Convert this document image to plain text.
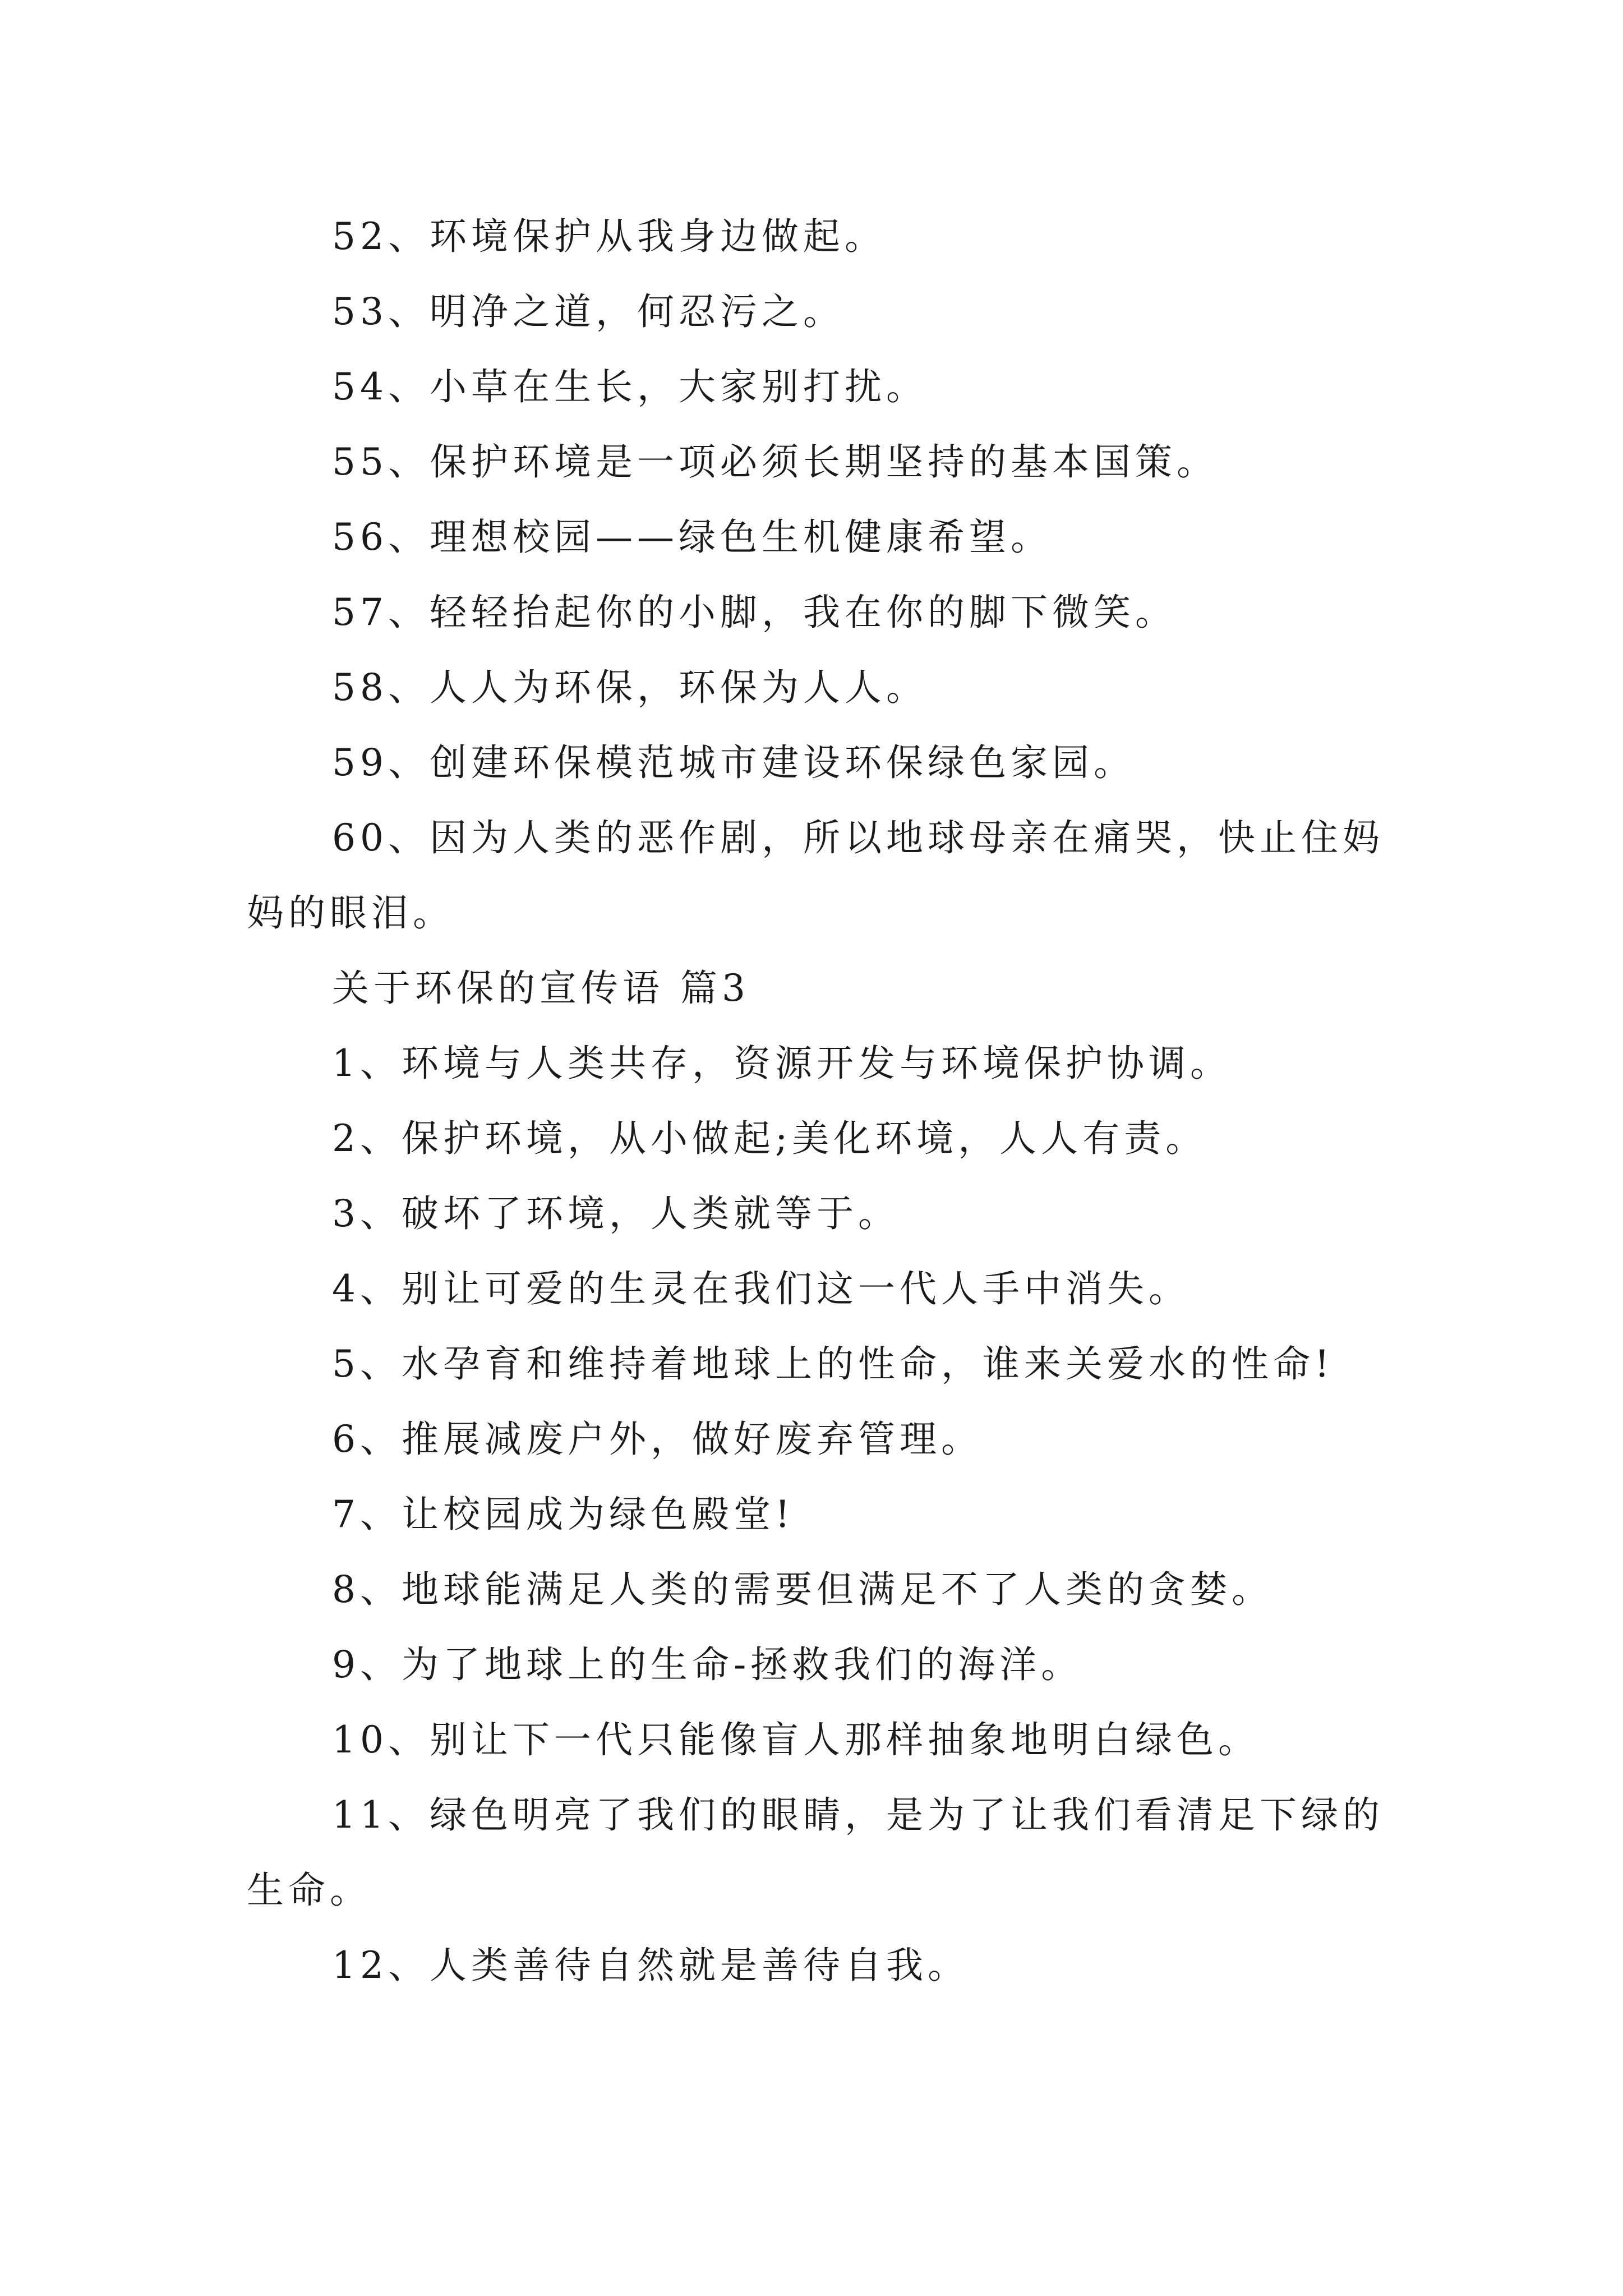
52、环境保护从我身边做起。

53、明净之道，何忍污之。

54、小草在生长，大家别打扰。

55、保护环境是一项必须长期坚持的基本国策。

56、理想校园——绿色生机健康希望。

57、轻轻抬起你的小脚，我在你的脚下微笑。

58、人人为环保，环保为人人。

59、创建环保模范城市建设环保绿色家园。

60、因为人类的恶作剧，所以地球母亲在痛哭，快止住妈妈的眼泪。

关于环保的宣传语 篇3

1、环境与人类共存，资源开发与环境保护协调。

2、保护环境，从小做起;美化环境，人人有责。

3、破坏了环境，人类就等于。

4、别让可爱的生灵在我们这一代人手中消失。

5、水孕育和维持着地球上的性命，谁来关爱水的性命!

6、推展减废户外，做好废弃管理。

7、让校园成为绿色殿堂!

8、地球能满足人类的需要但满足不了人类的贪婪。

9、为了地球上的生命-拯救我们的海洋。

10、别让下一代只能像盲人那样抽象地明白绿色。

11、绿色明亮了我们的眼睛，是为了让我们看清足下绿的生命。

12、人类善待自然就是善待自我。
